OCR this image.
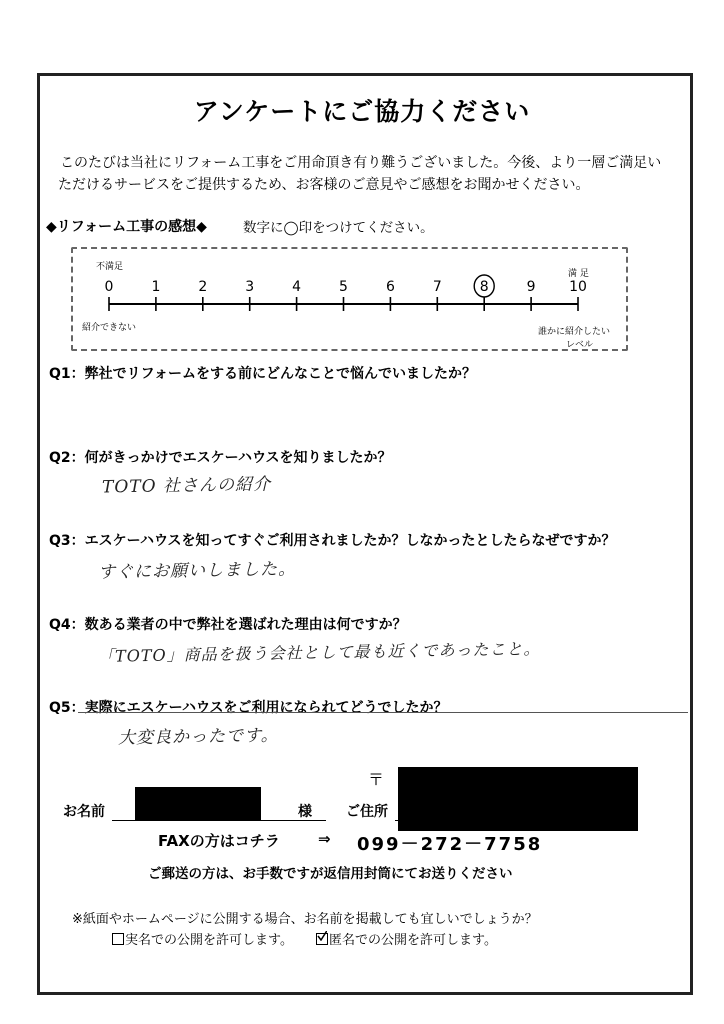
アンケートにご協力ください
このたびは当社にリフォーム工事をご用命頂き有り難うございました。今後、より一層ご満足い
ただけるサービスをご提供するため、お客様のご意見やご感想をお聞かせください。
◆リフォーム工事の感想◆	数字に◯印をつけてください。
不満足
満 足
紹介できない	誰かに紹介したい
レベル
0	1	2	3	4	5	6	7	8	9 10
Q1：弊社でリフォームをする前にどんなことで悩んでいましたか？
Q2：何がきっかけでエスケーハウスを知りましたか？
TOTO 社さんの紹介
Q3：エスケーハウスを知ってすぐご利用されましたか？しなかったとしたらなぜですか？
すぐにお願いしました。
Q4：数ある業者の中で弊社を選ばれた理由は何ですか？
「TOTO」商品を扱う会社として最も近くであったこと。
Q5：実際にエスケーハウスをご利用になられてどうでしたか？
大変良かったです。
お名前	様
〒
ご住所
FAXの方はコチラ	⇒ 099－272－7758
ご郵送の方は、お手数ですが返信用封筒にてお送りください
※紙面やホームページに公開する場合、お名前を掲載しても宜しいでしょうか？
実名での公開を許可します。	匿名での公開を許可します。
